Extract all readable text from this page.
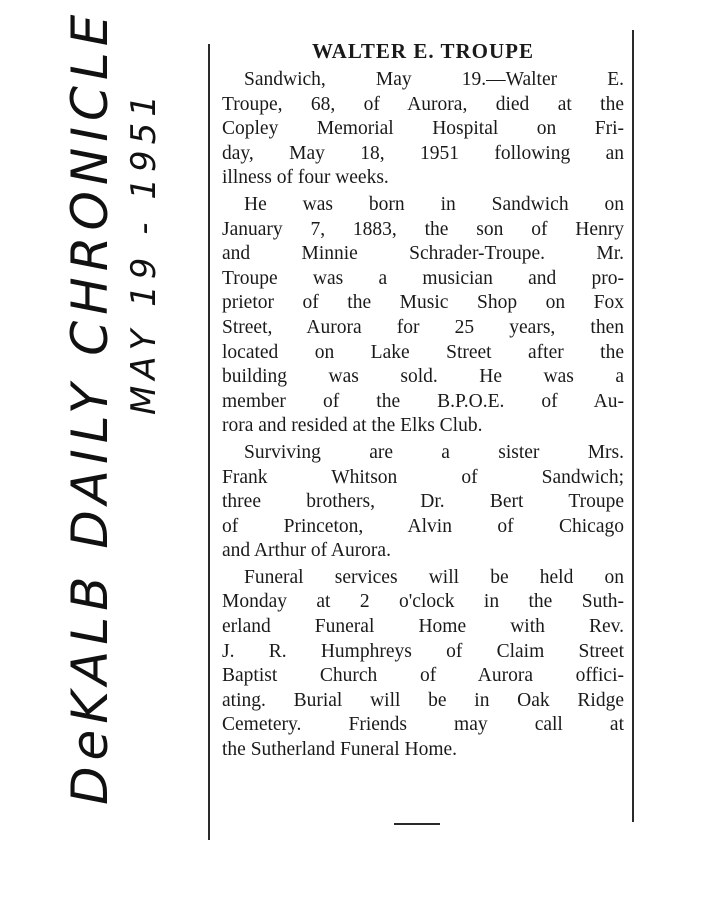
DeKALB DAILY CHRONICLE MAY 19 - 1951
WALTER E. TROUPE
Sandwich, May 19.—Walter E.
Troupe, 68, of Aurora, died at the
Copley Memorial Hospital on Fri-
day, May 18, 1951 following an
illness of four weeks.
He was born in Sandwich on
January 7, 1883, the son of Henry
and Minnie Schrader-Troupe. Mr.
Troupe was a musician and pro-
prietor of the Music Shop on Fox
Street, Aurora for 25 years, then
located on Lake Street after the
building was sold. He was a
member of the B.P.O.E. of Au-
rora and resided at the Elks Club.
Surviving are a sister Mrs.
Frank Whitson of Sandwich;
three brothers, Dr. Bert Troupe
of Princeton, Alvin of Chicago
and Arthur of Aurora.
Funeral services will be held on
Monday at 2 o'clock in the Suth-
erland Funeral Home with Rev.
J. R. Humphreys of Claim Street
Baptist Church of Aurora offici-
ating. Burial will be in Oak Ridge
Cemetery. Friends may call at
the Sutherland Funeral Home.
